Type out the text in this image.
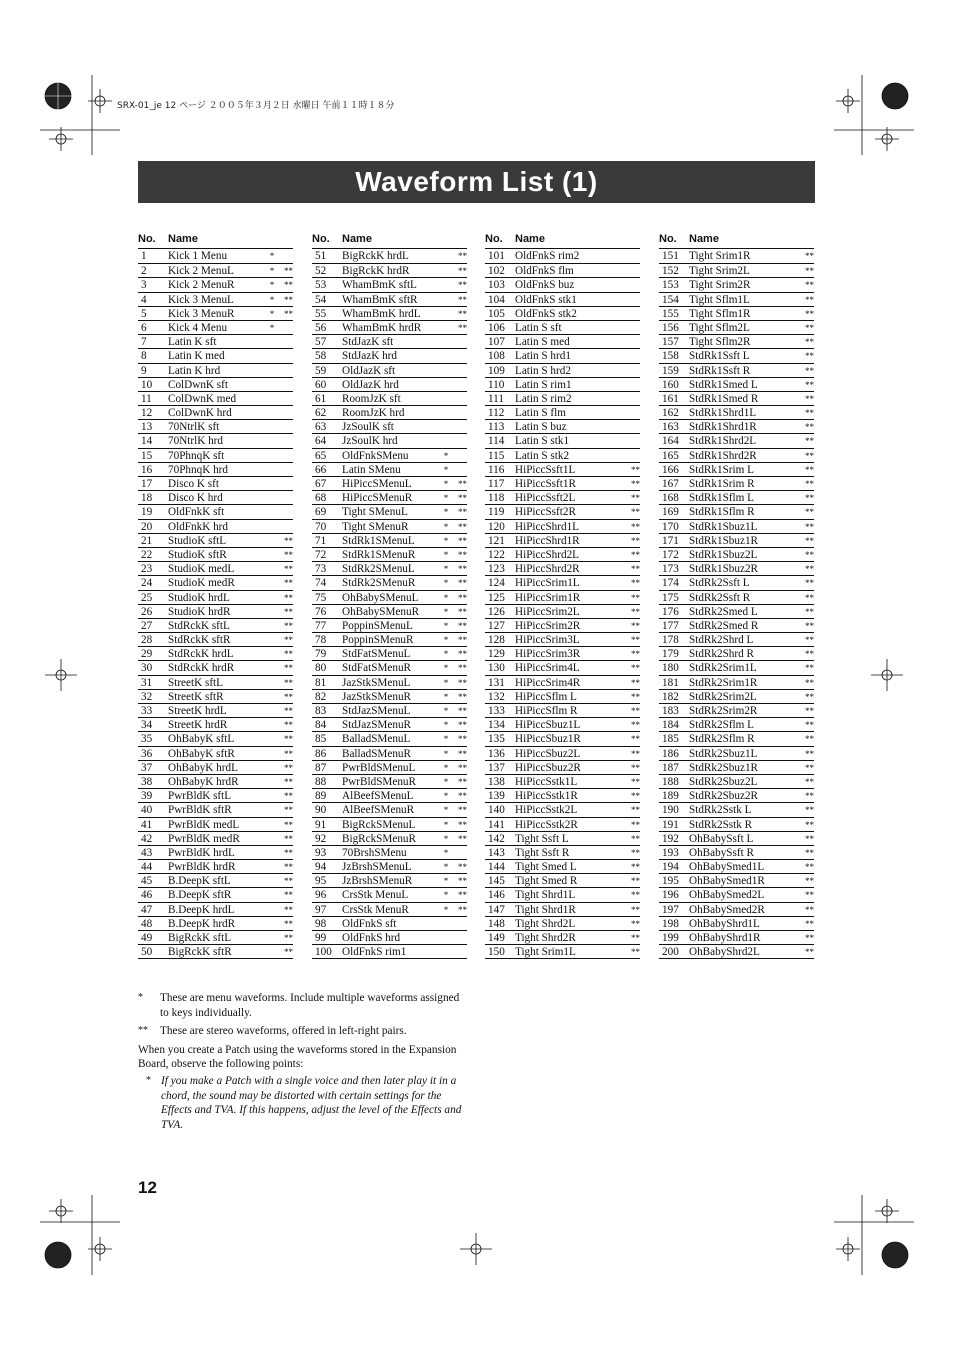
SRX-01_je 12 ページ ２００５年３月２日 水曜日 午前１１時１８分
Waveform List (1)
No.	Name
1	Kick 1 Menu	*
2	Kick 2 MenuL	*	**
3	Kick 2 MenuR	*	**
4	Kick 3 MenuL	*	**
5	Kick 3 MenuR	*	**
6	Kick 4 Menu	*
7	Latin K sft
8	Latin K med
9	Latin K hrd
10	ColDwnK sft
11	ColDwnK med
12	ColDwnK hrd
13	70NtrlK sft
14	70NtrlK hrd
15	70PhnqK sft
16	70PhnqK hrd
17	Disco K sft
18	Disco K hrd
19	OldFnkK sft
20	OldFnkK hrd
21	StudioK sftL	**
22	StudioK sftR	**
23	StudioK medL	**
24	StudioK medR	**
25	StudioK hrdL	**
26	StudioK hrdR	**
27	StdRckK sftL	**
28	StdRckK sftR	**
29	StdRckK hrdL	**
30	StdRckK hrdR	**
31	StreetK sftL	**
32	StreetK sftR	**
33	StreetK hrdL	**
34	StreetK hrdR	**
35	OhBabyK sftL	**
36	OhBabyK sftR	**
37	OhBabyK hrdL	**
38	OhBabyK hrdR	**
39	PwrBldK sftL	**
40	PwrBldK sftR	**
41	PwrBldK medL	**
42	PwrBldK medR	**
43	PwrBldK hrdL	**
44	PwrBldK hrdR	**
45	B.DeepK sftL	**
46	B.DeepK sftR	**
47	B.DeepK hrdL	**
48	B.DeepK hrdR	**
49	BigRckK sftL	**
50	BigRckK sftR	**
No.	Name
51	BigRckK hrdL	**
52	BigRckK hrdR	**
53	WhamBmK sftL	**
54	WhamBmK sftR	**
55	WhamBmK hrdL	**
56	WhamBmK hrdR	**
57	StdJazK sft
58	StdJazK hrd
59	OldJazK sft
60	OldJazK hrd
61	RoomJzK sft
62	RoomJzK hrd
63	JzSoulK sft
64	JzSoulK hrd
65	OldFnkSMenu	*
66	Latin SMenu	*
67	HiPiccSMenuL	*	**
68	HiPiccSMenuR	*	**
69	Tight SMenuL	*	**
70	Tight SMenuR	*	**
71	StdRk1SMenuL	*	**
72	StdRk1SMenuR	*	**
73	StdRk2SMenuL	*	**
74	StdRk2SMenuR	*	**
75	OhBabySMenuL	*	**
76	OhBabySMenuR	*	**
77	PoppinSMenuL	*	**
78	PoppinSMenuR	*	**
79	StdFatSMenuL	*	**
80	StdFatSMenuR	*	**
81	JazStkSMenuL	*	**
82	JazStkSMenuR	*	**
83	StdJazSMenuL	*	**
84	StdJazSMenuR	*	**
85	BalladSMenuL	*	**
86	BalladSMenuR	*	**
87	PwrBldSMenuL	*	**
88	PwrBldSMenuR	*	**
89	AlBeefSMenuL	*	**
90	AlBeefSMenuR	*	**
91	BigRckSMenuL	*	**
92	BigRckSMenuR	*	**
93	70BrshSMenu	*
94	JzBrshSMenuL	*	**
95	JzBrshSMenuR	*	**
96	CrsStk MenuL	*	**
97	CrsStk MenuR	*	**
98	OldFnkS sft
99	OldFnkS hrd
100 OldFnkS rim1
No.	Name
101 OldFnkS rim2
102 OldFnkS flm
103 OldFnkS buz
104 OldFnkS stk1
105 OldFnkS stk2
106 Latin S sft
107 Latin S med
108 Latin S hrd1
109 Latin S hrd2
110 Latin S rim1
111 Latin S rim2
112 Latin S flm
113 Latin S buz
114 Latin S stk1
115 Latin S stk2
116 HiPiccSsft1L	**
117 HiPiccSsft1R	**
118 HiPiccSsft2L	**
119 HiPiccSsft2R	**
120 HiPiccShrd1L	**
121 HiPiccShrd1R	**
122 HiPiccShrd2L	**
123 HiPiccShrd2R	**
124 HiPiccSrim1L	**
125 HiPiccSrim1R	**
126 HiPiccSrim2L	**
127 HiPiccSrim2R	**
128 HiPiccSrim3L	**
129 HiPiccSrim3R	**
130 HiPiccSrim4L	**
131 HiPiccSrim4R	**
132 HiPiccSflm L	**
133 HiPiccSflm R	**
134 HiPiccSbuz1L	**
135 HiPiccSbuz1R	**
136 HiPiccSbuz2L	**
137 HiPiccSbuz2R	**
138 HiPiccSstk1L	**
139 HiPiccSstk1R	**
140 HiPiccSstk2L	**
141 HiPiccSstk2R	**
142 Tight Ssft L	**
143 Tight Ssft R	**
144 Tight Smed L	**
145 Tight Smed R	**
146 Tight Shrd1L	**
147 Tight Shrd1R	**
148 Tight Shrd2L	**
149 Tight Shrd2R	**
150 Tight Srim1L	**
No.	Name
151 Tight Srim1R	**
152 Tight Srim2L	**
153 Tight Srim2R	**
154 Tight Sflm1L	**
155 Tight Sflm1R	**
156 Tight Sflm2L	**
157 Tight Sflm2R	**
158 StdRk1Ssft L	**
159 StdRk1Ssft R	**
160 StdRk1Smed L	**
161 StdRk1Smed R	**
162 StdRk1Shrd1L	**
163 StdRk1Shrd1R	**
164 StdRk1Shrd2L	**
165 StdRk1Shrd2R	**
166 StdRk1Srim L	**
167 StdRk1Srim R	**
168 StdRk1Sflm L	**
169 StdRk1Sflm R	**
170 StdRk1Sbuz1L	**
171 StdRk1Sbuz1R	**
172 StdRk1Sbuz2L	**
173 StdRk1Sbuz2R	**
174 StdRk2Ssft L	**
175 StdRk2Ssft R	**
176 StdRk2Smed L	**
177 StdRk2Smed R	**
178 StdRk2Shrd L	**
179 StdRk2Shrd R	**
180 StdRk2Srim1L	**
181 StdRk2Srim1R	**
182 StdRk2Srim2L	**
183 StdRk2Srim2R	**
184 StdRk2Sflm L	**
185 StdRk2Sflm R	**
186 StdRk2Sbuz1L	**
187 StdRk2Sbuz1R	**
188 StdRk2Sbuz2L	**
189 StdRk2Sbuz2R	**
190 StdRk2Sstk L	**
191 StdRk2Sstk R	**
192 OhBabySsft L	**
193 OhBabySsft R	**
194 OhBabySmed1L	**
195 OhBabySmed1R	**
196 OhBabySmed2L	**
197 OhBabySmed2R	**
198 OhBabyShrd1L	**
199 OhBabyShrd1R	**
200 OhBabyShrd2L	**
*	These are menu waveforms. Include multiple waveforms assigned to keys individually.
**	These are stereo waveforms, offered in left-right pairs.
When you create a Patch using the waveforms stored in the Expansion Board, observe the following points:
* If you make a Patch with a single voice and then later play it in a chord, the sound may be distorted with certain settings for the Effects and TVA. If this happens, adjust the level of the Effects and TVA.
12
